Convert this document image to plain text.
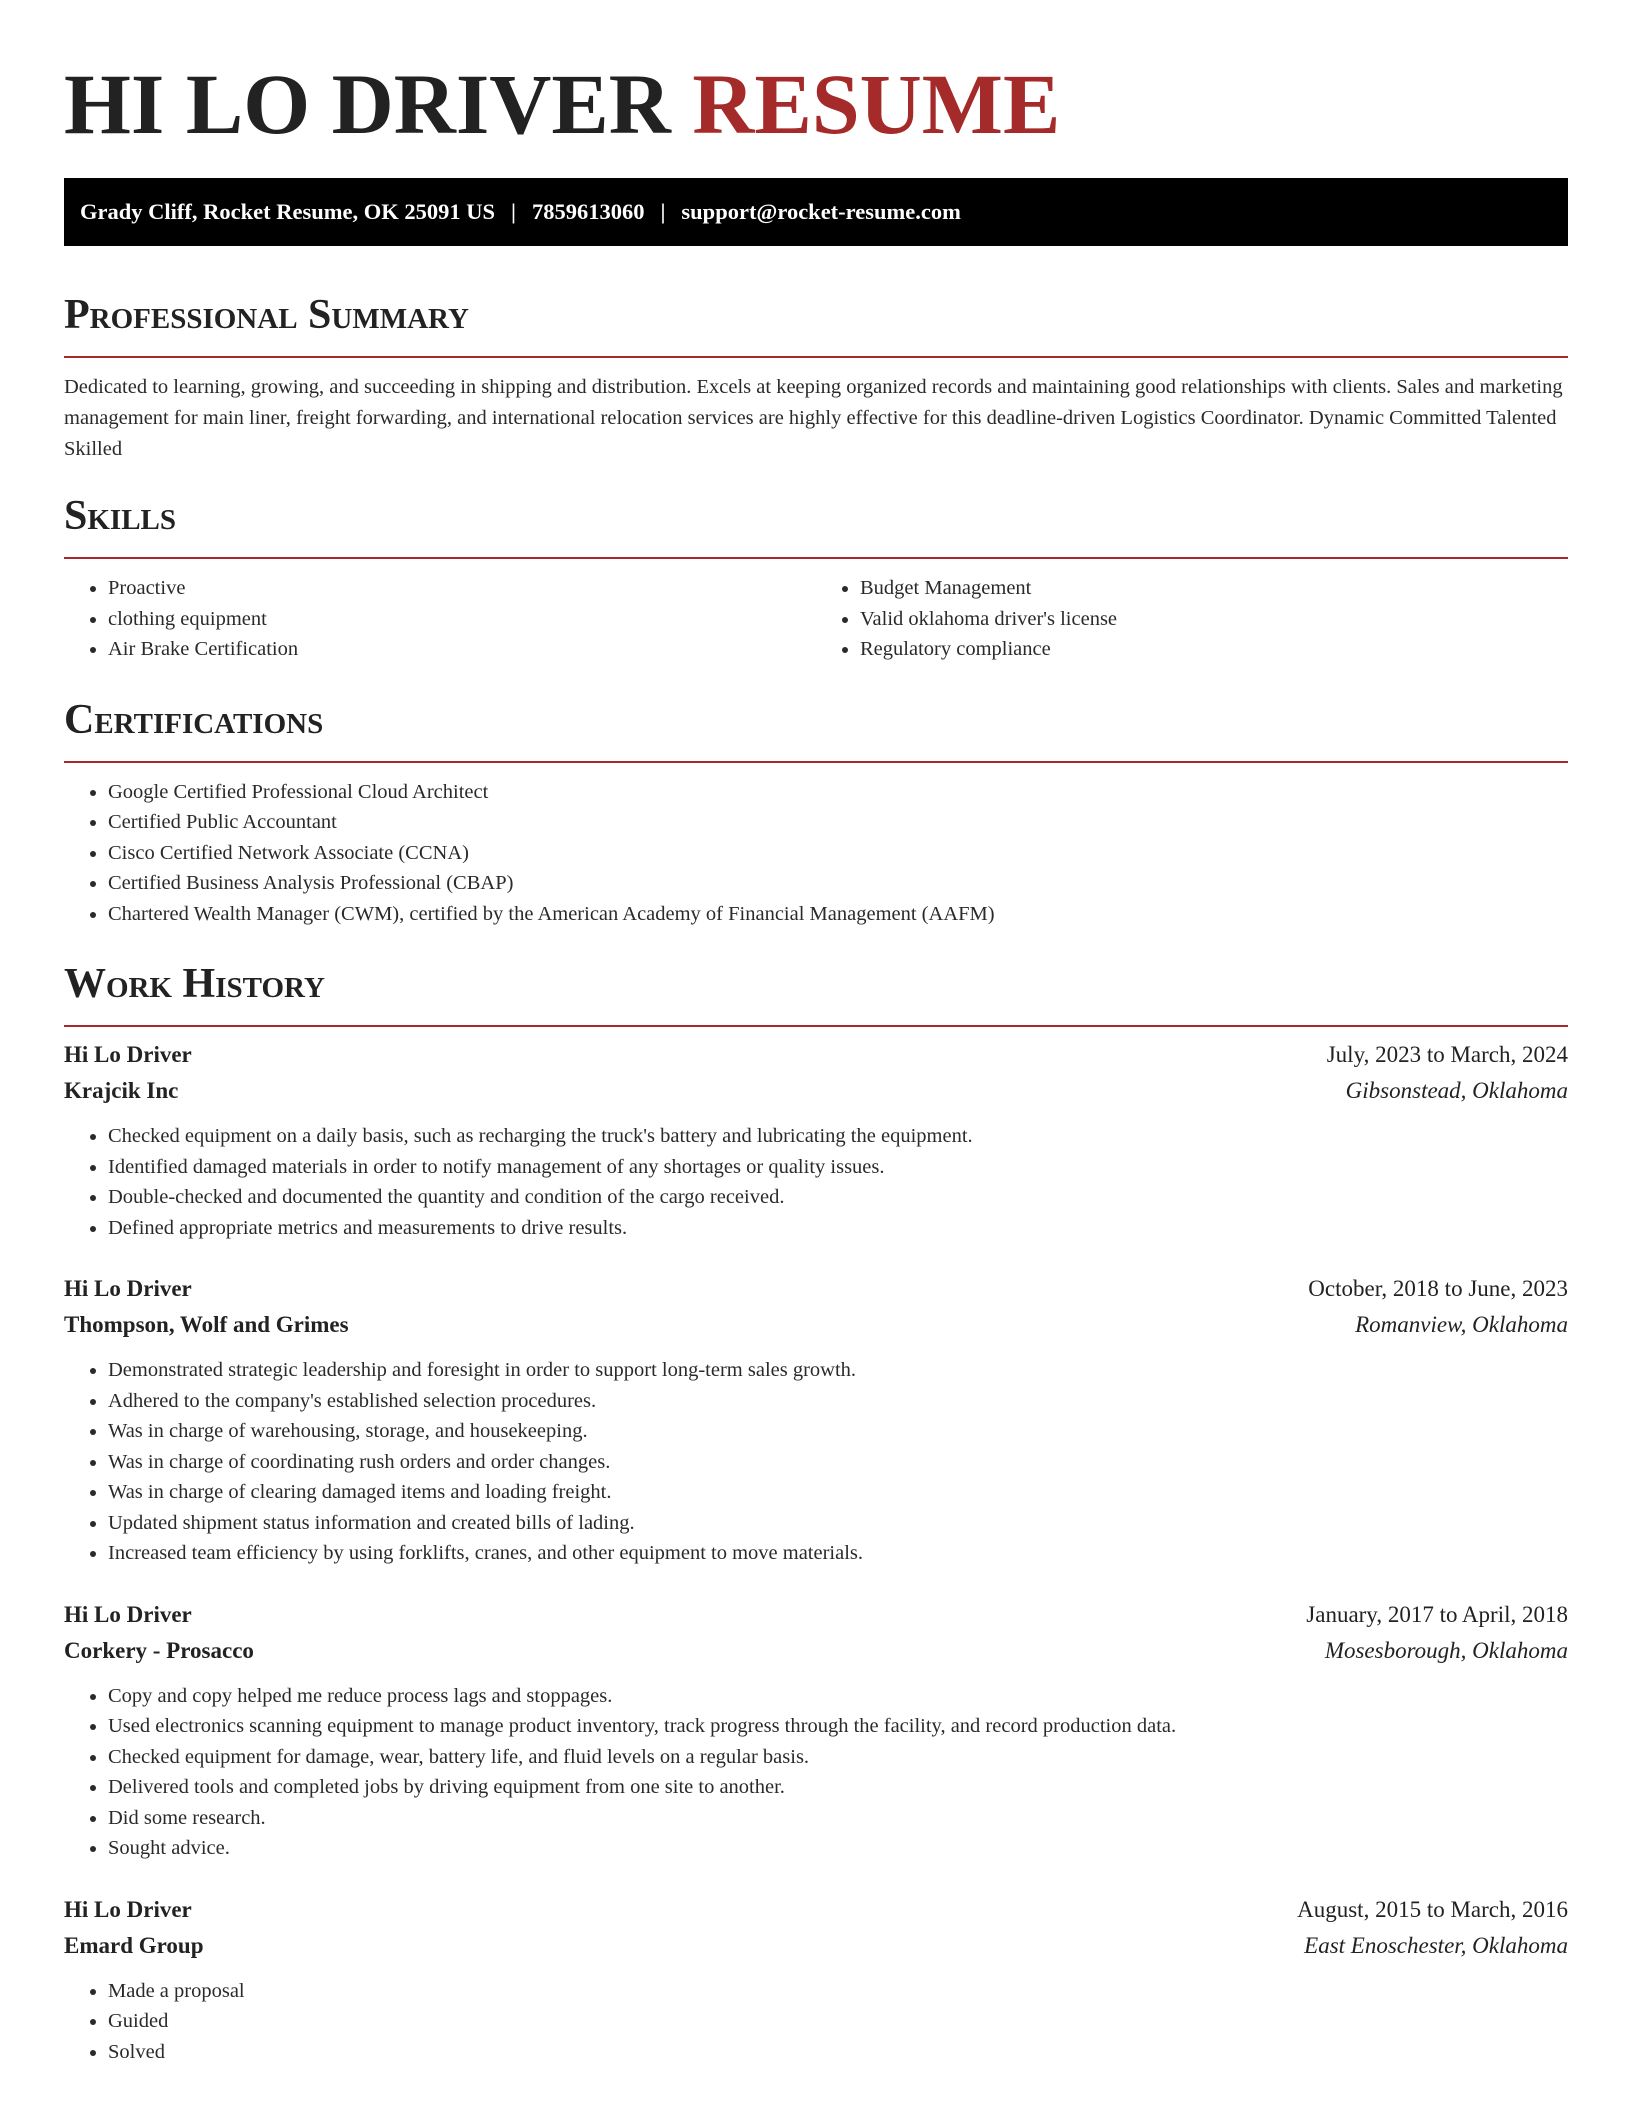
HI LO DRIVER RESUME
Grady Cliff, Rocket Resume, OK 25091 US | 7859613060 | support@rocket-resume.com
Professional Summary

Dedicated to learning, growing, and succeeding in shipping and distribution. Excels at keeping organized records and maintaining good relationships with clients. Sales and marketing management for main liner, freight forwarding, and international relocation services are highly effective for this deadline-driven Logistics Coordinator. Dynamic Committed Talented Skilled

Skills
• Proactive
• clothing equipment
• Air Brake Certification
• Budget Management
• Valid oklahoma driver's license
• Regulatory compliance
Certifications
• Google Certified Professional Cloud Architect
• Certified Public Accountant
• Cisco Certified Network Associate (CCNA)
• Certified Business Analysis Professional (CBAP)
• Chartered Wealth Manager (CWM), certified by the American Academy of Financial Management (AAFM)
Work History
Hi Lo Driver	July, 2023 to March, 2024
Krajcik Inc	Gibsonstead, Oklahoma
• Checked equipment on a daily basis, such as recharging the truck's battery and lubricating the equipment.
• Identified damaged materials in order to notify management of any shortages or quality issues.
• Double-checked and documented the quantity and condition of the cargo received.
• Defined appropriate metrics and measurements to drive results.
Hi Lo Driver	October, 2018 to June, 2023
Thompson, Wolf and Grimes	Romanview, Oklahoma
• Demonstrated strategic leadership and foresight in order to support long-term sales growth.
• Adhered to the company's established selection procedures.
• Was in charge of warehousing, storage, and housekeeping.
• Was in charge of coordinating rush orders and order changes.
• Was in charge of clearing damaged items and loading freight.
• Updated shipment status information and created bills of lading.
• Increased team efficiency by using forklifts, cranes, and other equipment to move materials.
Hi Lo Driver	January, 2017 to April, 2018
Corkery - Prosacco	Mosesborough, Oklahoma
• Copy and copy helped me reduce process lags and stoppages.
• Used electronics scanning equipment to manage product inventory, track progress through the facility, and record production data.
• Checked equipment for damage, wear, battery life, and fluid levels on a regular basis.
• Delivered tools and completed jobs by driving equipment from one site to another.
• Did some research.
• Sought advice.
Hi Lo Driver	August, 2015 to March, 2016
Emard Group	East Enoschester, Oklahoma
• Made a proposal
• Guided
• Solved
